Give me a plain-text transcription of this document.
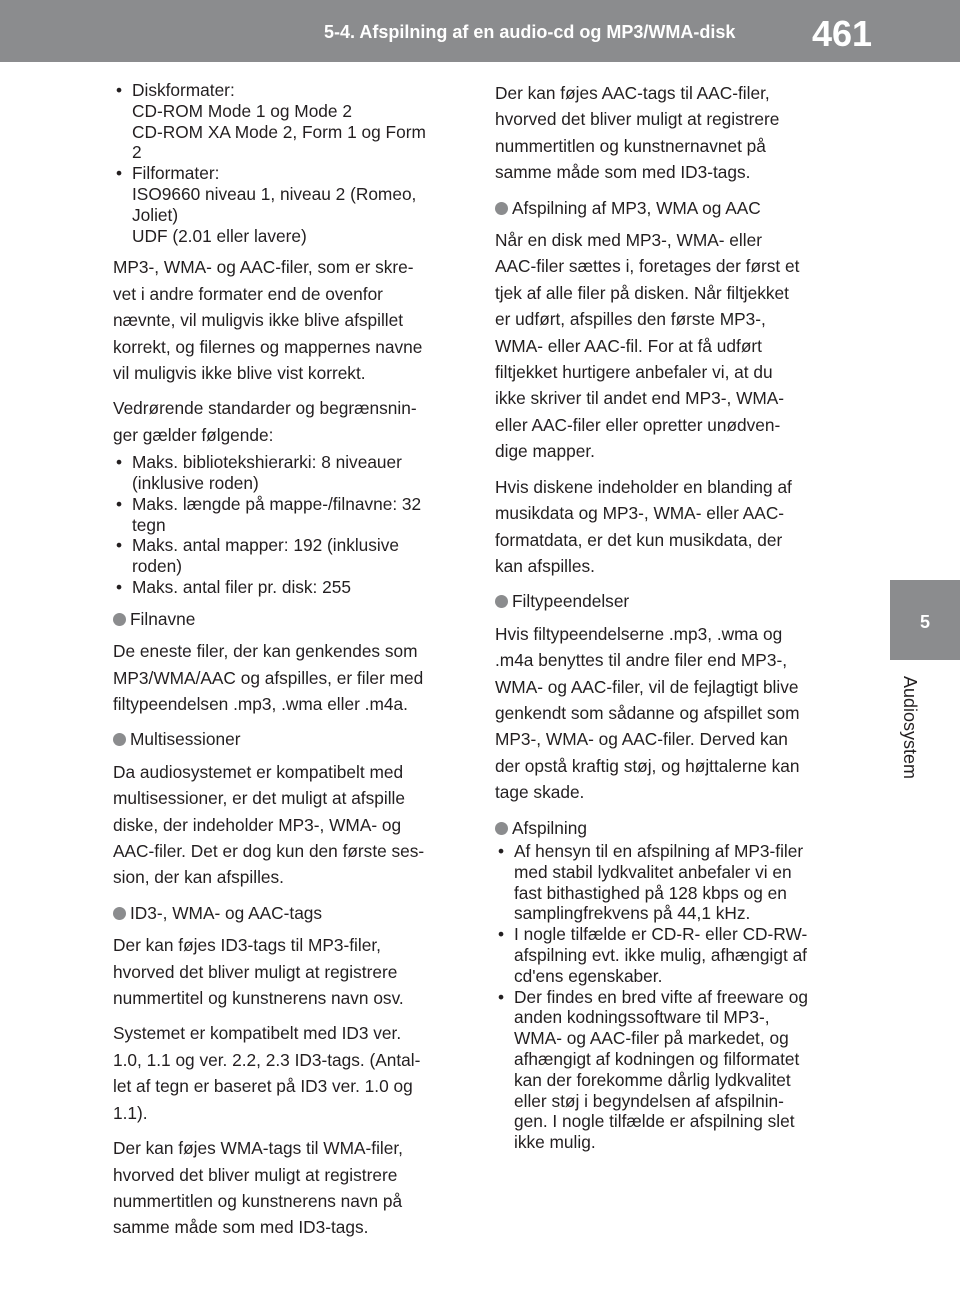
5-4. Afspilning af en audio-cd og MP3/WMA-disk 461
5
Audiosystem
• Diskformater:
CD-ROM Mode 1 og Mode 2
CD-ROM XA Mode 2, Form 1 og Form
2
• Filformater:
ISO9660 niveau 1, niveau 2 (Romeo,
Joliet)
UDF (2.01 eller lavere)

MP3-, WMA- og AAC-filer, som er skre-
vet i andre formater end de ovenfor
nævnte, vil muligvis ikke blive afspillet
korrekt, og filernes og mappernes navne
vil muligvis ikke blive vist korrekt.

Vedrørende standarder og begrænsnin-
ger gælder følgende:

• Maks. bibliotekshierarki: 8 niveauer
(inklusive roden)
• Maks. længde på mappe-/filnavne: 32
tegn
• Maks. antal mapper: 192 (inklusive
roden)
• Maks. antal filer pr. disk: 255

Filnavne

De eneste filer, der kan genkendes som
MP3/WMA/AAC og afspilles, er filer med
filtypeendelsen .mp3, .wma eller .m4a.

Multisessioner

Da audiosystemet er kompatibelt med
multisessioner, er det muligt at afspille
diske, der indeholder MP3-, WMA- og
AAC-filer. Det er dog kun den første ses-
sion, der kan afspilles.

ID3-, WMA- og AAC-tags

Der kan føjes ID3-tags til MP3-filer,
hvorved det bliver muligt at registrere
nummertitel og kunstnerens navn osv.

Systemet er kompatibelt med ID3 ver.
1.0, 1.1 og ver. 2.2, 2.3 ID3-tags. (Antal-
let af tegn er baseret på ID3 ver. 1.0 og
1.1).

Der kan føjes WMA-tags til WMA-filer,
hvorved det bliver muligt at registrere
nummertitlen og kunstnerens navn på
samme måde som med ID3-tags.

Der kan føjes AAC-tags til AAC-filer,
hvorved det bliver muligt at registrere
nummertitlen og kunstnernavnet på
samme måde som med ID3-tags.

Afspilning af MP3, WMA og AAC

Når en disk med MP3-, WMA- eller
AAC-filer sættes i, foretages der først et
tjek af alle filer på disken. Når filtjekket
er udført, afspilles den første MP3-,
WMA- eller AAC-fil. For at få udført
filtjekket hurtigere anbefaler vi, at du
ikke skriver til andet end MP3-, WMA-
eller AAC-filer eller opretter unødven-
dige mapper.

Hvis diskene indeholder en blanding af
musikdata og MP3-, WMA- eller AAC-
formatdata, er det kun musikdata, der
kan afspilles.

Filtypeendelser

Hvis filtypeendelserne .mp3, .wma og
.m4a benyttes til andre filer end MP3-,
WMA- og AAC-filer, vil de fejlagtigt blive
genkendt som sådanne og afspillet som
MP3-, WMA- og AAC-filer. Derved kan
der opstå kraftig støj, og højttalerne kan
tage skade.

Afspilning

• Af hensyn til en afspilning af MP3-filer
med stabil lydkvalitet anbefaler vi en
fast bithastighed på 128 kbps og en
samplingfrekvens på 44,1 kHz.
• I nogle tilfælde er CD-R- eller CD-RW-
afspilning evt. ikke mulig, afhængigt af
cd'ens egenskaber.
• Der findes en bred vifte af freeware og
anden kodningssoftware til MP3-,
WMA- og AAC-filer på markedet, og
afhængigt af kodningen og filformatet
kan der forekomme dårlig lydkvalitet
eller støj i begyndelsen af afspilnin-
gen. I nogle tilfælde er afspilning slet
ikke mulig.
